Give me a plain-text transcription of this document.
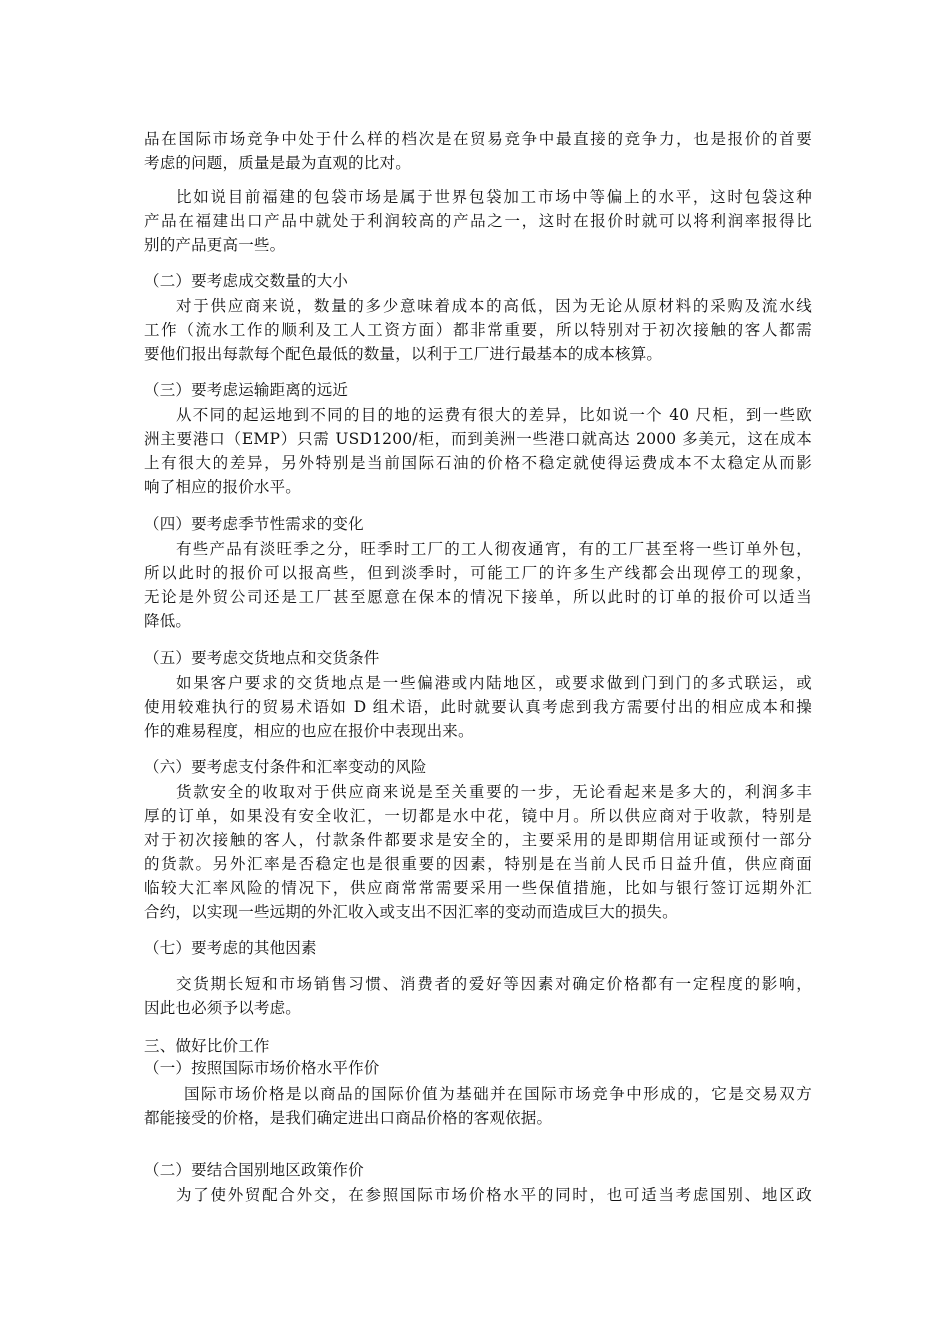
品在国际市场竞争中处于什么样的档次是在贸易竞争中最直接的竞争力，也是报价的首要
考虑的问题，质量是最为直观的比对。
比如说目前福建的包袋市场是属于世界包袋加工市场中等偏上的水平，这时包袋这种
产品在福建出口产品中就处于利润较高的产品之一，这时在报价时就可以将利润率报得比
别的产品更高一些。
（二）要考虑成交数量的大小
对于供应商来说，数量的多少意味着成本的高低，因为无论从原材料的采购及流水线
工作（流水工作的顺利及工人工资方面）都非常重要，所以特别对于初次接触的客人都需
要他们报出每款每个配色最低的数量，以利于工厂进行最基本的成本核算。
（三）要考虑运输距离的远近
从不同的起运地到不同的目的地的运费有很大的差异，比如说一个 40 尺柜，到一些欧
洲主要港口（EMP）只需 USD1200/柜，而到美洲一些港口就高达 2000 多美元，这在成本
上有很大的差异，另外特别是当前国际石油的价格不稳定就使得运费成本不太稳定从而影
响了相应的报价水平。
（四）要考虑季节性需求的变化
有些产品有淡旺季之分，旺季时工厂的工人彻夜通宵，有的工厂甚至将一些订单外包，
所以此时的报价可以报高些，但到淡季时，可能工厂的许多生产线都会出现停工的现象，
无论是外贸公司还是工厂甚至愿意在保本的情况下接单，所以此时的订单的报价可以适当
降低。
（五）要考虑交货地点和交货条件
如果客户要求的交货地点是一些偏港或内陆地区，或要求做到门到门的多式联运，或
使用较难执行的贸易术语如 D 组术语，此时就要认真考虑到我方需要付出的相应成本和操
作的难易程度，相应的也应在报价中表现出来。
（六）要考虑支付条件和汇率变动的风险
货款安全的收取对于供应商来说是至关重要的一步，无论看起来是多大的，利润多丰
厚的订单，如果没有安全收汇，一切都是水中花，镜中月。所以供应商对于收款，特别是
对于初次接触的客人，付款条件都要求是安全的，主要采用的是即期信用证或预付一部分
的货款。另外汇率是否稳定也是很重要的因素，特别是在当前人民币日益升值，供应商面
临较大汇率风险的情况下，供应商常常需要采用一些保值措施，比如与银行签订远期外汇
合约，以实现一些远期的外汇收入或支出不因汇率的变动而造成巨大的损失。
（七）要考虑的其他因素
交货期长短和市场销售习惯、消费者的爱好等因素对确定价格都有一定程度的影响，
因此也必须予以考虑。
三、做好比价工作
（一）按照国际市场价格水平作价
国际市场价格是以商品的国际价值为基础并在国际市场竞争中形成的，它是交易双方
都能接受的价格，是我们确定进出口商品价格的客观依据。
（二）要结合国别地区政策作价
为了使外贸配合外交，在参照国际市场价格水平的同时，也可适当考虑国别、地区政
